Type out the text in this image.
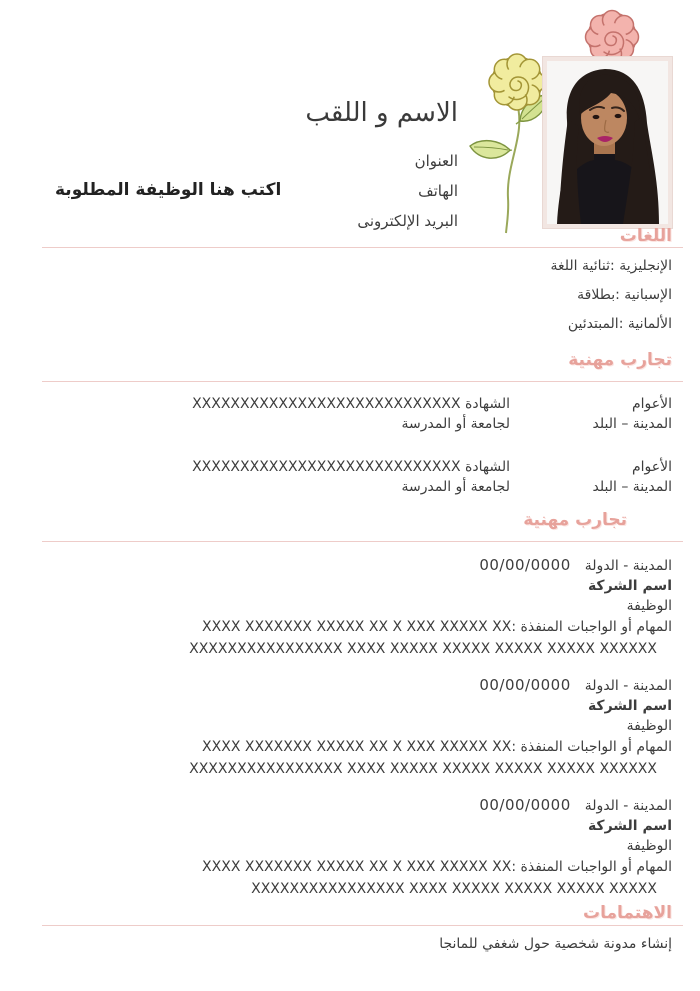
الاسم و اللقب
العنوان
الهاتف
البريد الإلكترونى
اكتب هنا الوظيفة المطلوبة
اللغات
الإنجليزية :ثنائية اللغة
الإسبانية :بطلاقة
الألمانية :المبتدئين
تجارب مهنية
الأعوام
الشهادة XXXXXXXXXXXXXXXXXXXXXXXXXXXX
المدينة – البلد
لجامعة أو المدرسة
الأعوام
الشهادة XXXXXXXXXXXXXXXXXXXXXXXXXXXX
المدينة – البلد
لجامعة أو المدرسة
تجارب مهنية
المدينة - الدولة
00/00/0000
اسم الشركة
الوظيفة
المهام أو الواجبات المنفذة :XXXX XXXXXXX XXXXX XX X XXX XXXXX XX
XXXXXXXXXXXXXXXX XXXX XXXXX XXXXX XXXXX XXXXX XXXXXX
المدينة - الدولة
00/00/0000
اسم الشركة
الوظيفة
المهام أو الواجبات المنفذة :XXXX XXXXXXX XXXXX XX X XXX XXXXX XX
XXXXXXXXXXXXXXXX XXXX XXXXX XXXXX XXXXX XXXXX XXXXXX
المدينة - الدولة
00/00/0000
اسم الشركة
الوظيفة
المهام أو الواجبات المنفذة :XXXX XXXXXXX XXXXX XX X XXX XXXXX XX
XXXXXXXXXXXXXXXX XXXX XXXXX XXXXX XXXXX XXXXX
الاهتمامات
إنشاء مدونة شخصية حول شغفي للمانجا
